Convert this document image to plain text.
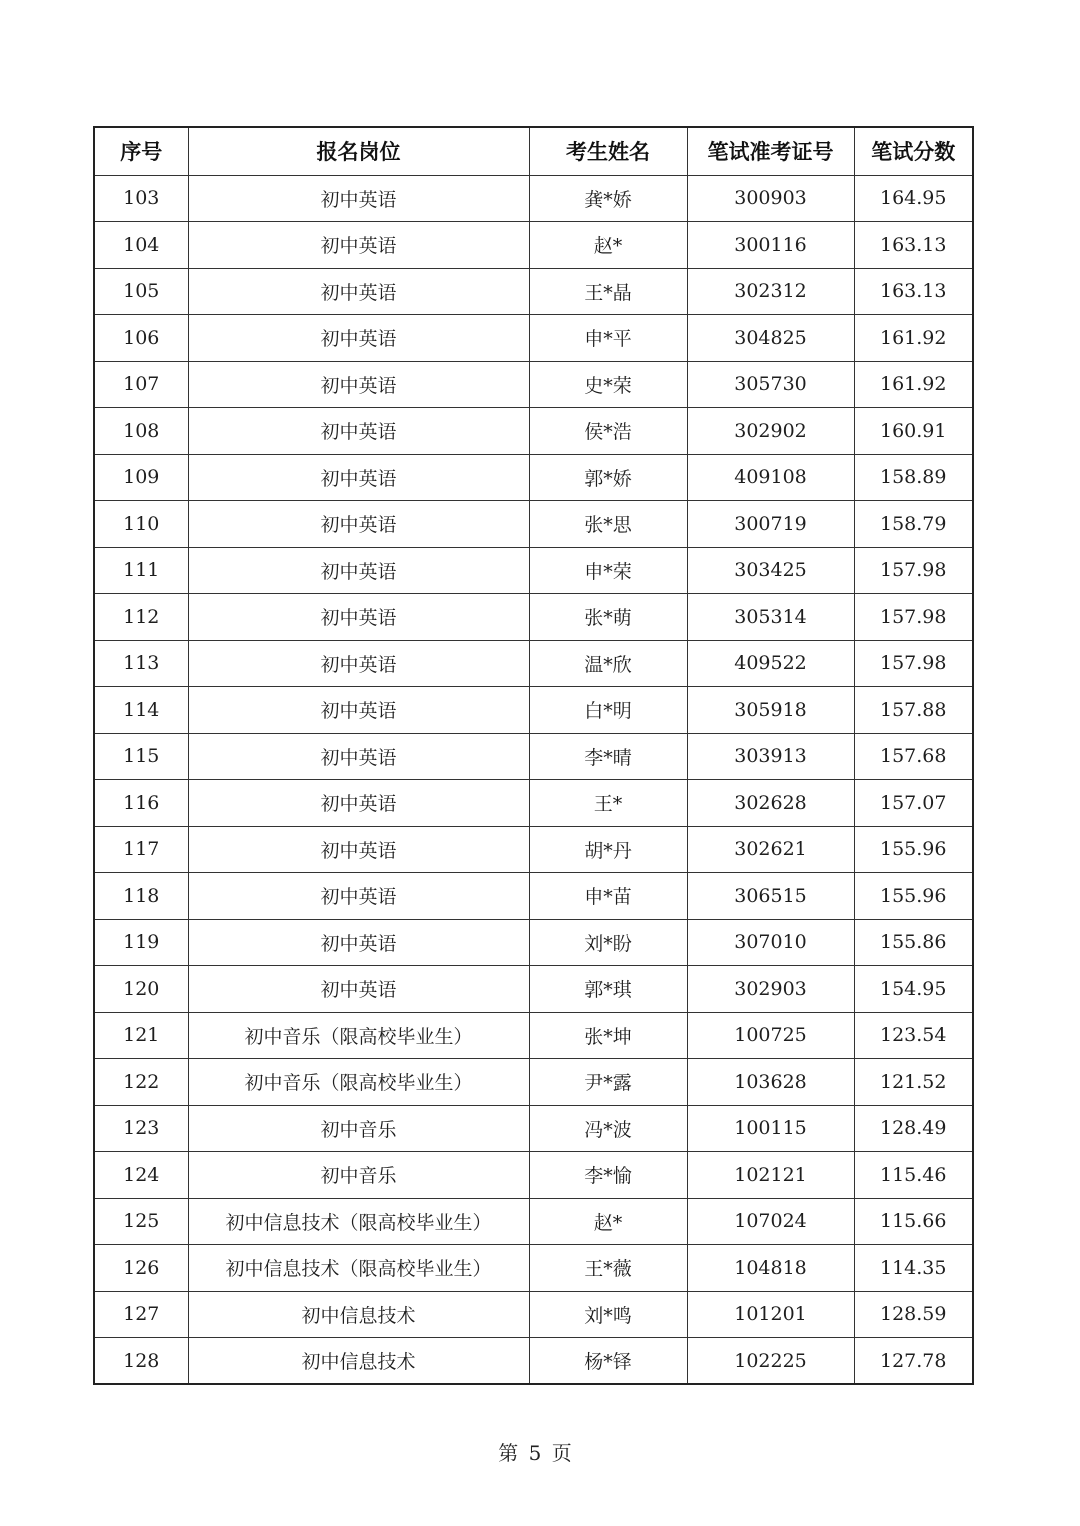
序号	报名岗位	考生姓名	笔试准考证号	笔试分数
103	初中英语	龚*娇	300903	164.95
104	初中英语	赵*	300116	163.13
105	初中英语	王*晶	302312	163.13
106	初中英语	申*平	304825	161.92
107	初中英语	史*荣	305730	161.92
108	初中英语	侯*浩	302902	160.91
109	初中英语	郭*娇	409108	158.89
110	初中英语	张*思	300719	158.79
111	初中英语	申*荣	303425	157.98
112	初中英语	张*萌	305314	157.98
113	初中英语	温*欣	409522	157.98
114	初中英语	白*明	305918	157.88
115	初中英语	李*晴	303913	157.68
116	初中英语	王*	302628	157.07
117	初中英语	胡*丹	302621	155.96
118	初中英语	申*苗	306515	155.96
119	初中英语	刘*盼	307010	155.86
120	初中英语	郭*琪	302903	154.95
121	初中音乐（限高校毕业生）	张*坤	100725	123.54
122	初中音乐（限高校毕业生）	尹*露	103628	121.52
123	初中音乐	冯*波	100115	128.49
124	初中音乐	李*愉	102121	115.46
125	初中信息技术（限高校毕业生）	赵*	107024	115.66
126	初中信息技术（限高校毕业生）	王*薇	104818	114.35
127	初中信息技术	刘*鸣	101201	128.59
128	初中信息技术	杨*铎	102225	127.78
第 5 页
